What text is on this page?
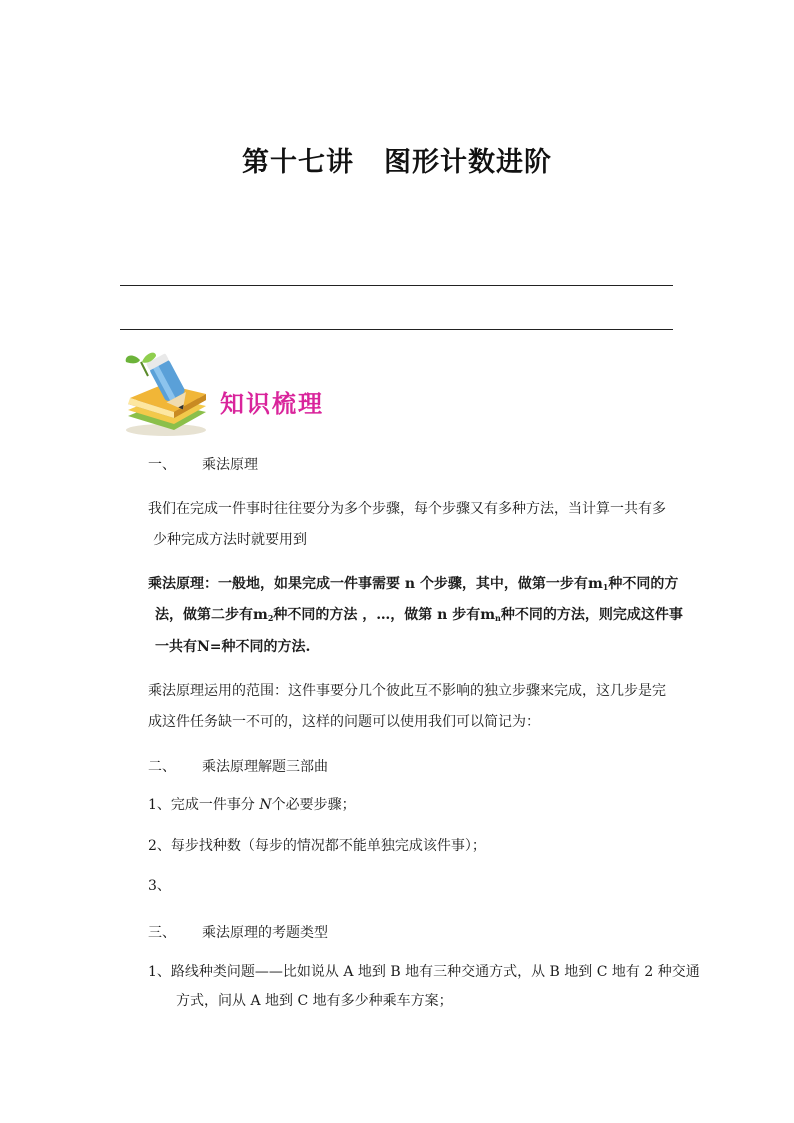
第十七讲 图形计数进阶
知识梳理
一、 乘法原理
我们在完成一件事时往往要分为多个步骤，每个步骤又有多种方法，当计算一共有多
少种完成方法时就要用到
乘法原理：一般地，如果完成一件事需要 n 个步骤，其中，做第一步有$m_1$种不同的方
法，做第二步有$m_2$种不同的方法 ，…，做第 n 步有$m_n$种不同的方法，则完成这件事
一共有N=种不同的方法.
乘法原理运用的范围：这件事要分几个彼此互不影响的独立步骤来完成，这几步是完
成这件任务缺一不可的，这样的问题可以使用我们可以简记为：
二、 乘法原理解题三部曲
1、完成一件事分 N个必要步骤；
2、每步找种数（每步的情况都不能单独完成该件事）；
3、
三、 乘法原理的考题类型
1、路线种类问题——比如说从 A 地到 B 地有三种交通方式，从 B 地到 C 地有 2 种交通
方式，问从 A 地到 C 地有多少种乘车方案；
